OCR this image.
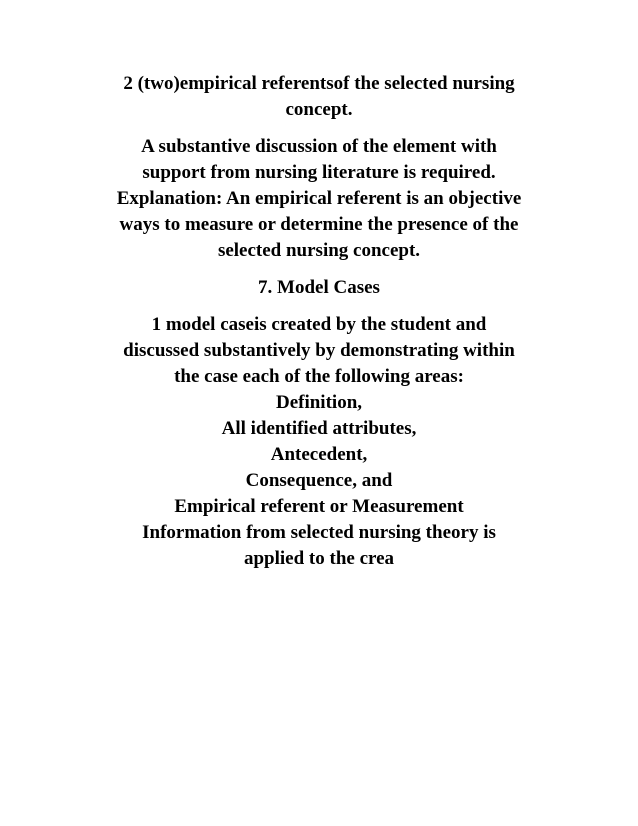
2 (two)empirical referentsof the selected nursing
concept.

A substantive discussion of the element with
support from nursing literature is required.
Explanation: An empirical referent is an objective
ways to measure or determine the presence of the
selected nursing concept.

7. Model Cases

1 model caseis created by the student and
discussed substantively by demonstrating within
the case each of the following areas:
Definition,
All identified attributes,
Antecedent,
Consequence, and
Empirical referent or Measurement
Information from selected nursing theory is
applied to the crea
